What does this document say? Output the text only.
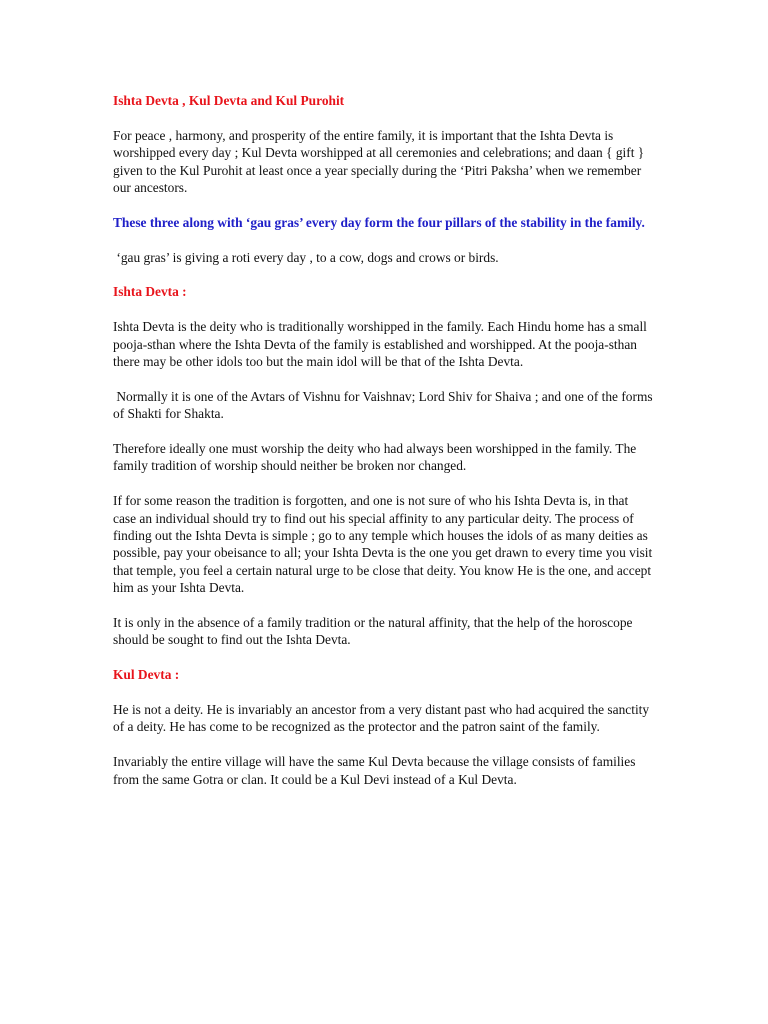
Ishta Devta , Kul Devta and Kul Purohit

For peace , harmony, and prosperity of the entire family, it is important that the Ishta Devta is worshipped every day ; Kul Devta worshipped at all ceremonies and celebrations; and daan { gift } given to the Kul Purohit at least once a year specially during the ‘Pitri Paksha’ when we remember our ancestors.

These three along with ‘gau gras’ every day form the four pillars of the stability in the family.

‘gau gras’ is giving a roti every day , to a cow, dogs and crows or birds.

Ishta Devta :

Ishta Devta is the deity who is traditionally worshipped in the family. Each Hindu home has a small pooja-sthan where the Ishta Devta of the family is established and worshipped. At the pooja-sthan there may be other idols too but the main idol will be that of the Ishta Devta.

Normally it is one of the Avtars of Vishnu for Vaishnav; Lord Shiv for Shaiva ; and one of the forms of Shakti for Shakta.

Therefore ideally one must worship the deity who had always been worshipped in the family. The family tradition of worship should neither be broken nor changed.

If for some reason the tradition is forgotten, and one is not sure of who his Ishta Devta is, in that case an individual should try to find out his special affinity to any particular deity. The process of finding out the Ishta Devta is simple ; go to any temple which houses the idols of as many deities as possible, pay your obeisance to all; your Ishta Devta is the one you get drawn to every time you visit that temple, you feel a certain natural urge to be close that deity. You know He is the one, and accept him as your Ishta Devta.

It is only in the absence of a family tradition or the natural affinity, that the help of the horoscope should be sought to find out the Ishta Devta.

Kul Devta :

He is not a deity. He is invariably an ancestor from a very distant past who had acquired the sanctity of a deity. He has come to be recognized as the protector and the patron saint of the family.

Invariably the entire village will have the same Kul Devta because the village consists of families from the same Gotra or clan. It could be a Kul Devi instead of a Kul Devta.
